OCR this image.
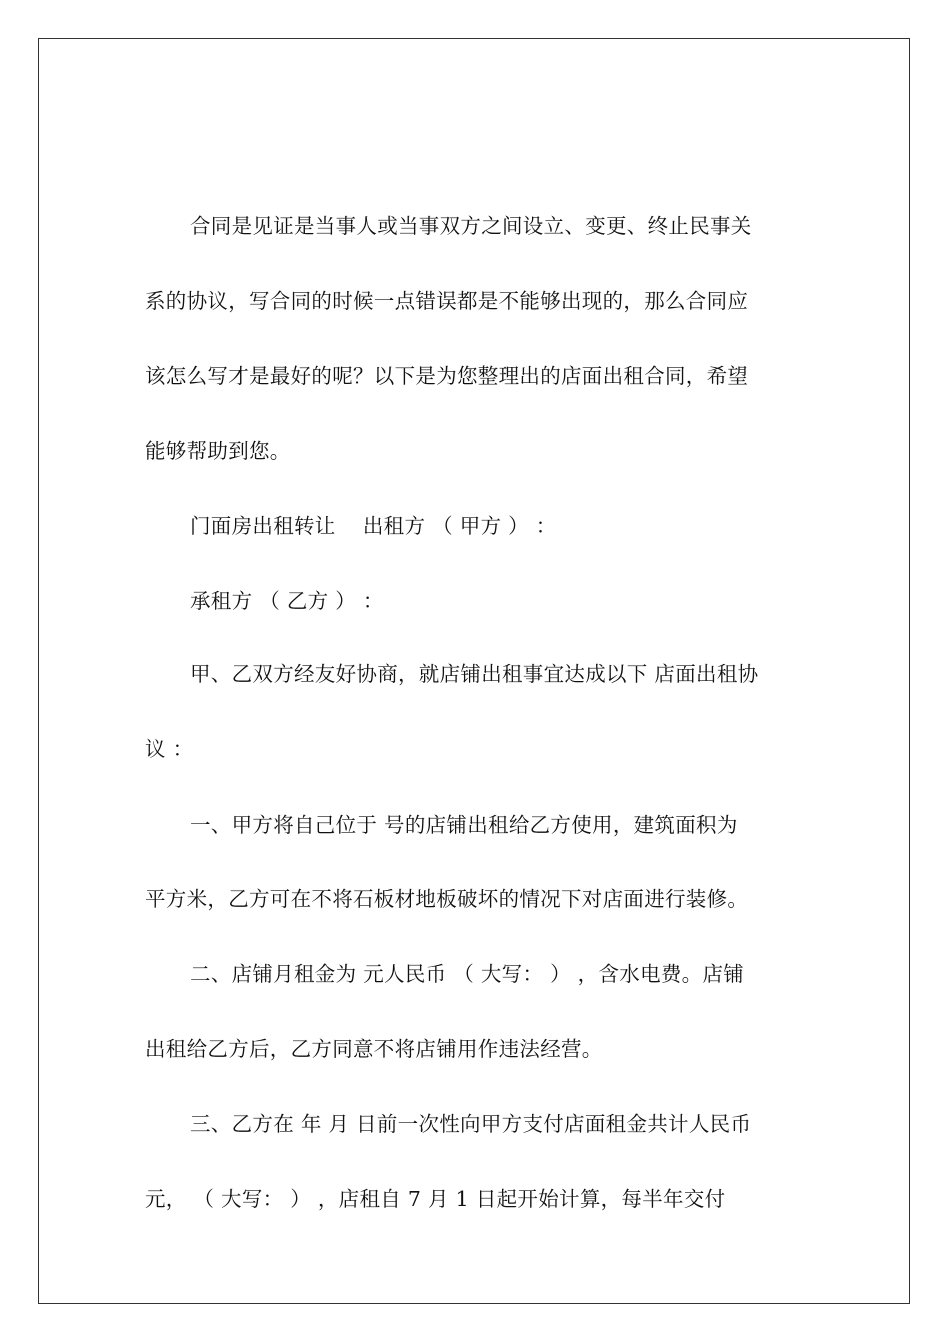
合同是见证是当事人或当事双方之间设立、变更、终止民事关
系的协议，写合同的时候一点错误都是不能够出现的，那么合同应
该怎么写才是最好的呢？以下是为您整理出的店面出租合同，希望
能够帮助到您。
门面房出租转让    出租方 （ 甲方 ） ：
承租方 （ 乙方 ） ：
甲、乙双方经友好协商，就店铺出租事宜达成以下 店面出租协
议 ：
一、甲方将自己位于 号的店铺出租给乙方使用，建筑面积为
平方米，乙方可在不将石板材地板破坏的情况下对店面进行装修。
二、店铺月租金为 元人民币 （ 大写： ） ，含水电费。店铺
出租给乙方后，乙方同意不将店铺用作违法经营。
三、乙方在 年 月 日前一次性向甲方支付店面租金共计人民币
元， （ 大写： ） ，店租自 7 月 1 日起开始计算，每半年交付
